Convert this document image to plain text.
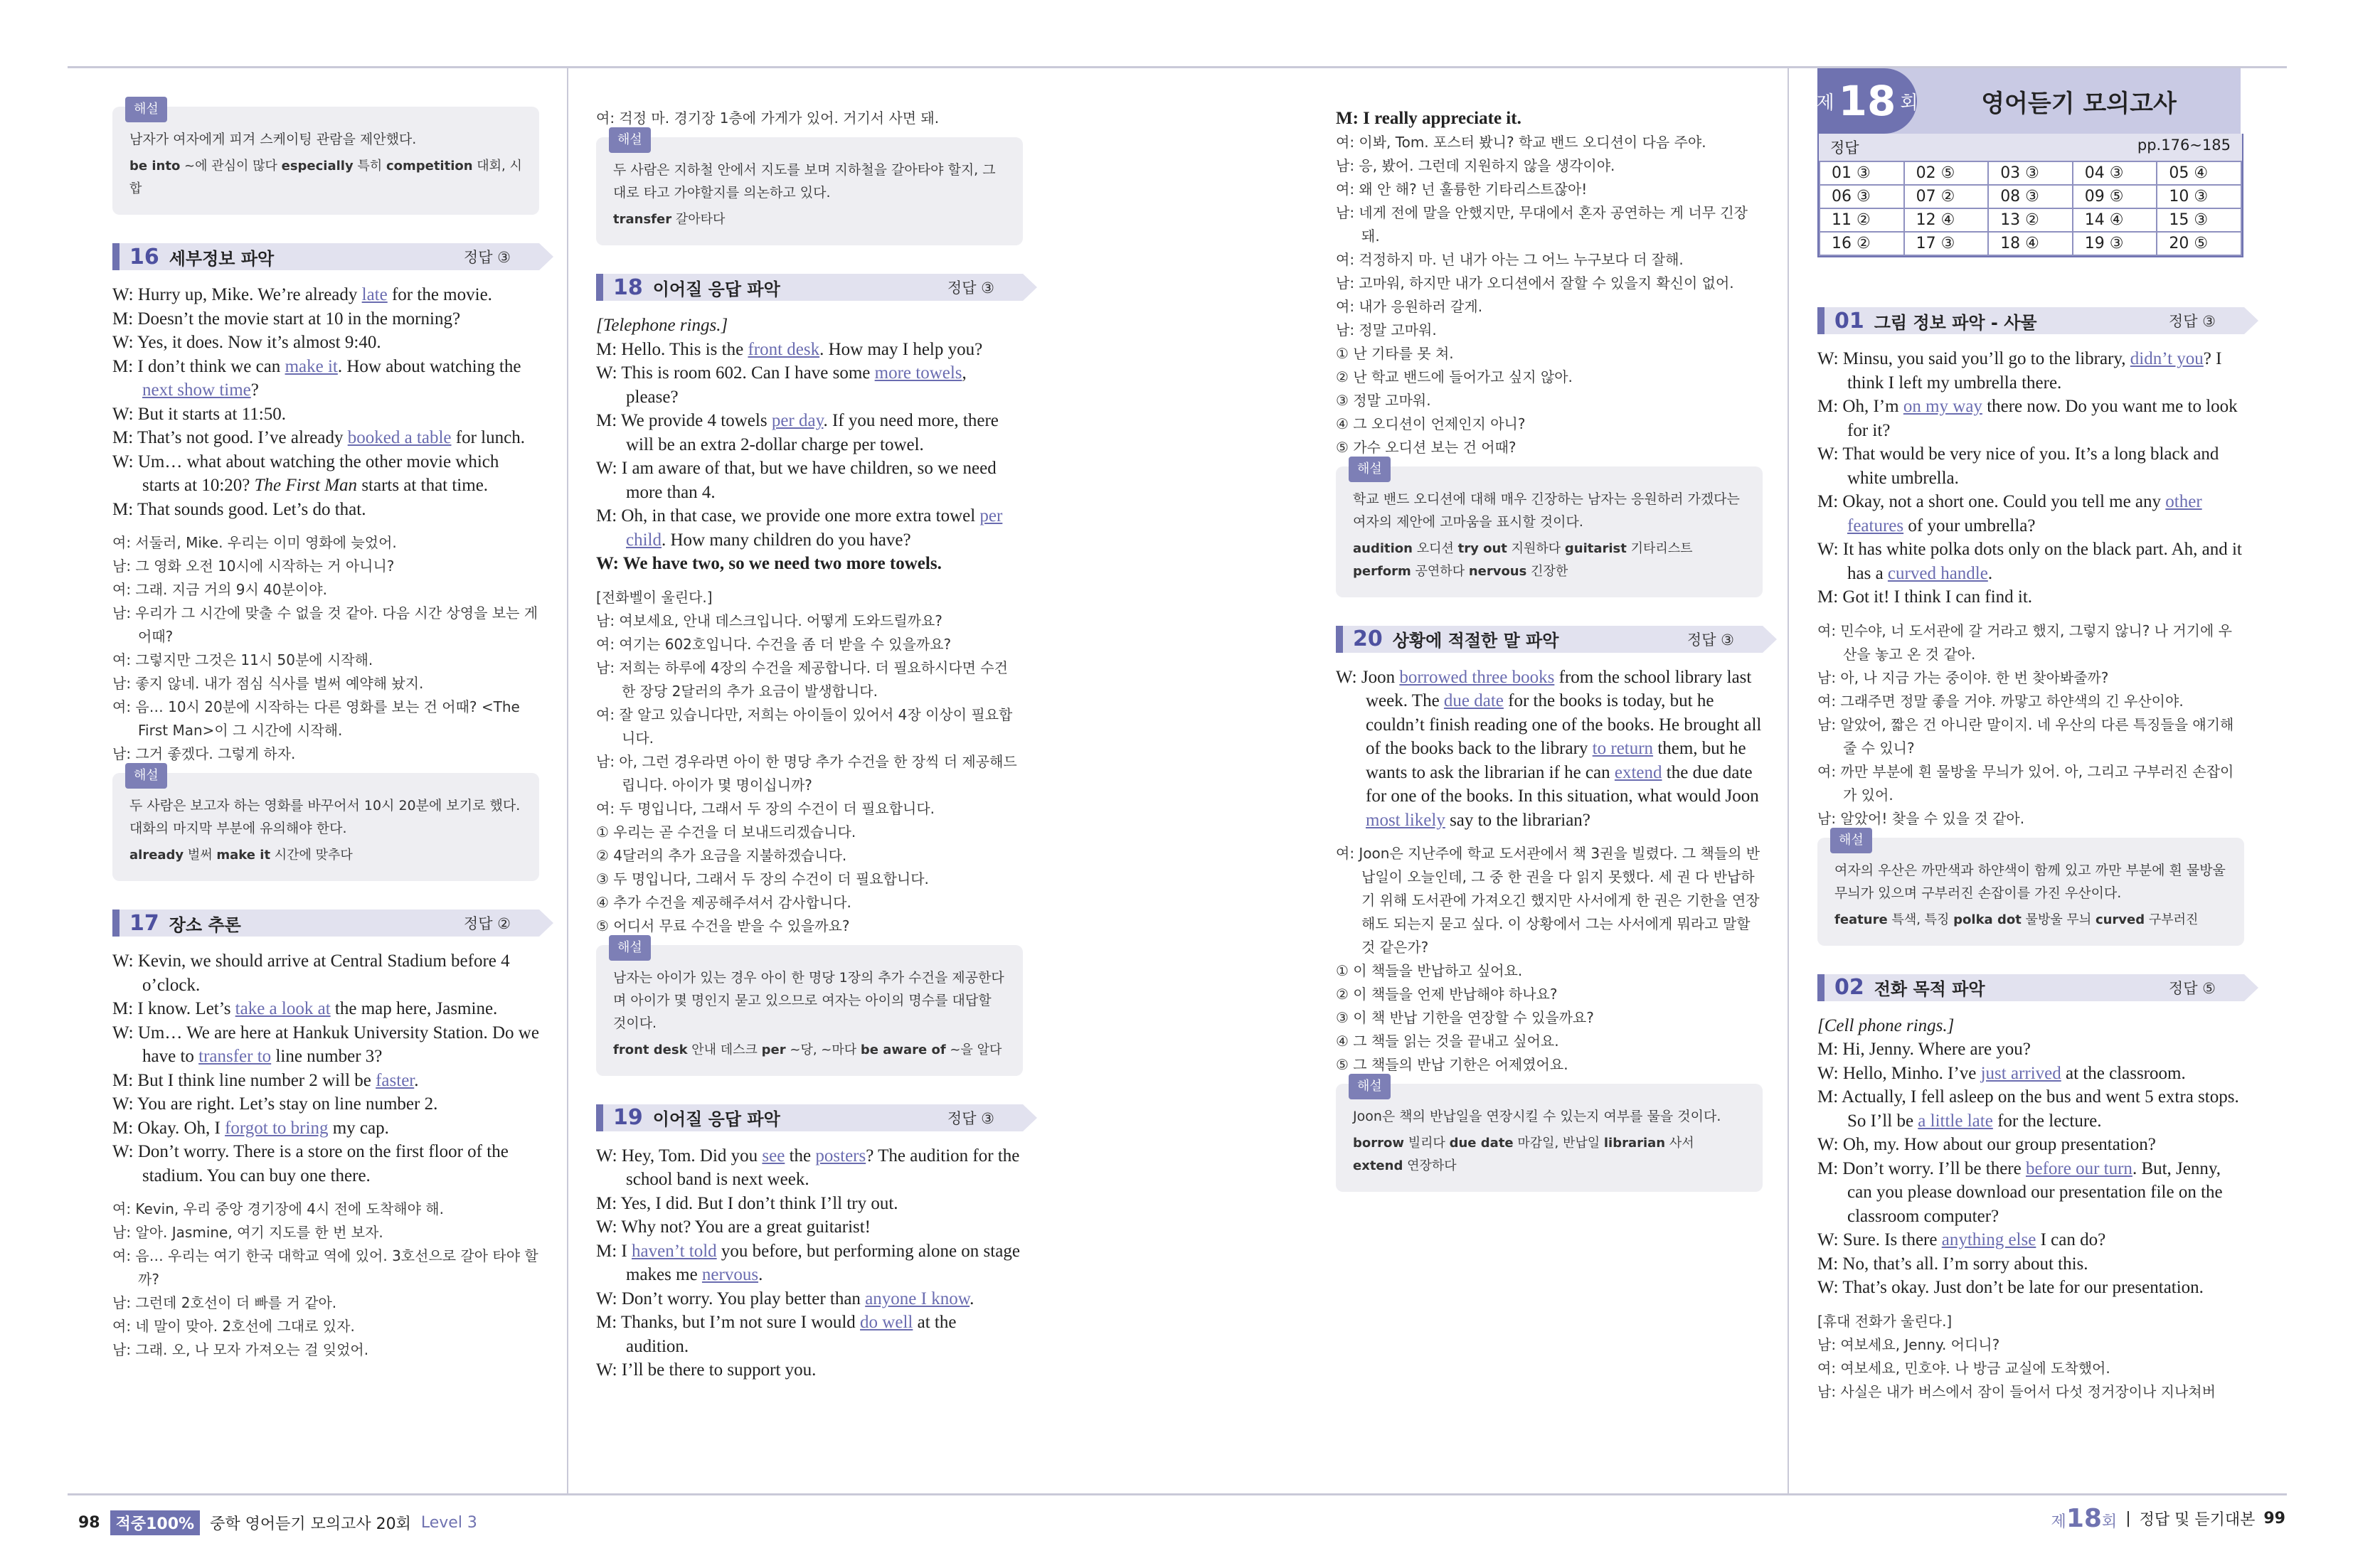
해설
남자가 여자에게 피겨 스케이팅 관람을 제안했다.
be into ~에 관심이 많다 especially 특히 competition 대회, 시합
16 세부정보 파악	정답 ③

W: Hurry up, Mike. We’re already late for the movie.

M: Doesn’t the movie start at 10 in the morning?

W: Yes, it does. Now it’s almost 9:40.

M: I don’t think we can make it. How about watching the next show time?

W: But it starts at 11:50.

M: That’s not good. I’ve already booked a table for lunch.

W: Um… what about watching the other movie which starts at 10:20? The First Man starts at that time.

M: That sounds good. Let’s do that.

여: 서둘러, Mike. 우리는 이미 영화에 늦었어.

남: 그 영화 오전 10시에 시작하는 거 아니니?

여: 그래. 지금 거의 9시 40분이야.

남: 우리가 그 시간에 맞출 수 없을 것 같아. 다음 시간 상영을 보는 게 어때?

여: 그렇지만 그것은 11시 50분에 시작해.

남: 좋지 않네. 내가 점심 식사를 벌써 예약해 놨지.

여: 음… 10시 20분에 시작하는 다른 영화를 보는 건 어때? <The First Man>이 그 시간에 시작해.

남: 그거 좋겠다. 그렇게 하자.

해설
두 사람은 보고자 하는 영화를 바꾸어서 10시 20분에 보기로 했다. 대화의 마지막 부분에 유의해야 한다.
already 벌써 make it 시간에 맞추다
17 장소 추론	정답 ②

W: Kevin, we should arrive at Central Stadium before 4 o’clock.

M: I know. Let’s take a look at the map here, Jasmine.

W: Um… We are here at Hankuk University Station. Do we have to transfer to line number 3?

M: But I think line number 2 will be faster.

W: You are right. Let’s stay on line number 2.

M: Okay. Oh, I forgot to bring my cap.

W: Don’t worry. There is a store on the first floor of the stadium. You can buy one there.

여: Kevin, 우리 중앙 경기장에 4시 전에 도착해야 해.

남: 알아. Jasmine, 여기 지도를 한 번 보자.

여: 음… 우리는 여기 한국 대학교 역에 있어. 3호선으로 갈아 타야 할까?

남: 그런데 2호선이 더 빠를 거 같아.

여: 네 말이 맞아. 2호선에 그대로 있자.

남: 그래. 오, 나 모자 가져오는 걸 잊었어.

여: 걱정 마. 경기장 1층에 가게가 있어. 거기서 사면 돼.

해설
두 사람은 지하철 안에서 지도를 보며 지하철을 갈아타야 할지, 그대로 타고 가야할지를 의논하고 있다.
transfer 갈아타다
18 이어질 응답 파악	정답 ③

[Telephone rings.]

M: Hello. This is the front desk. How may I help you?

W: This is room 602. Can I have some more towels, please?

M: We provide 4 towels per day. If you need more, there will be an extra 2-dollar charge per towel.

W: I am aware of that, but we have children, so we need more than 4.

M: Oh, in that case, we provide one more extra towel per child. How many children do you have?

W: We have two, so we need two more towels.

[전화벨이 울린다.]

남: 여보세요, 안내 데스크입니다. 어떻게 도와드릴까요?

여: 여기는 602호입니다. 수건을 좀 더 받을 수 있을까요?

남: 저희는 하루에 4장의 수건을 제공합니다. 더 필요하시다면 수건 한 장당 2달러의 추가 요금이 발생합니다.

여: 잘 알고 있습니다만, 저희는 아이들이 있어서 4장 이상이 필요합니다.

남: 아, 그런 경우라면 아이 한 명당 추가 수건을 한 장씩 더 제공해드립니다. 아이가 몇 명이십니까?

여: 두 명입니다, 그래서 두 장의 수건이 더 필요합니다.

① 우리는 곧 수건을 더 보내드리겠습니다.

② 4달러의 추가 요금을 지불하겠습니다.

③ 두 명입니다, 그래서 두 장의 수건이 더 필요합니다.

④ 추가 수건을 제공해주셔서 감사합니다.

⑤ 어디서 무료 수건을 받을 수 있을까요?

해설
남자는 아이가 있는 경우 아이 한 명당 1장의 추가 수건을 제공한다며 아이가 몇 명인지 묻고 있으므로 여자는 아이의 명수를 대답할 것이다.
front desk 안내 데스크 per ~당, ~마다 be aware of ~을 알다
19 이어질 응답 파악	정답 ③

W: Hey, Tom. Did you see the posters? The audition for the school band is next week.

M: Yes, I did. But I don’t think I’ll try out.

W: Why not? You are a great guitarist!

M: I haven’t told you before, but performing alone on stage makes me nervous.

W: Don’t worry. You play better than anyone I know.

M: Thanks, but I’m not sure I would do well at the audition.

W: I’ll be there to support you.

M: I really appreciate it.

여: 이봐, Tom. 포스터 봤니? 학교 밴드 오디션이 다음 주야.

남: 응, 봤어. 그런데 지원하지 않을 생각이야.

여: 왜 안 해? 넌 훌륭한 기타리스트잖아!

남: 네게 전에 말을 안했지만, 무대에서 혼자 공연하는 게 너무 긴장돼.

여: 걱정하지 마. 넌 내가 아는 그 어느 누구보다 더 잘해.

남: 고마워, 하지만 내가 오디션에서 잘할 수 있을지 확신이 없어.

여: 내가 응원하러 갈게.

남: 정말 고마워.

① 난 기타를 못 쳐.

② 난 학교 밴드에 들어가고 싶지 않아.

③ 정말 고마워.

④ 그 오디션이 언제인지 아니?

⑤ 가수 오디션 보는 건 어때?

해설
학교 밴드 오디션에 대해 매우 긴장하는 남자는 응원하러 가겠다는 여자의 제안에 고마움을 표시할 것이다.
audition 오디션 try out 지원하다 guitarist 기타리스트 perform 공연하다 nervous 긴장한
20 상황에 적절한 말 파악	정답 ③

W: Joon borrowed three books from the school library last week. The due date for the books is today, but he couldn’t finish reading one of the books. He brought all of the books back to the library to return them, but he wants to ask the librarian if he can extend the due date for one of the books. In this situation, what would Joon most likely say to the librarian?

여: Joon은 지난주에 학교 도서관에서 책 3권을 빌렸다. 그 책들의 반납일이 오늘인데, 그 중 한 권을 다 읽지 못했다. 세 권 다 반납하기 위해 도서관에 가져오긴 했지만 사서에게 한 권은 기한을 연장해도 되는지 묻고 싶다. 이 상황에서 그는 사서에게 뭐라고 말할 것 같은가?

① 이 책들을 반납하고 싶어요.

② 이 책들을 언제 반납해야 하나요?

③ 이 책 반납 기한을 연장할 수 있을까요?

④ 그 책들 읽는 것을 끝내고 싶어요.

⑤ 그 책들의 반납 기한은 어제였어요.

해설
Joon은 책의 반납일을 연장시킬 수 있는지 여부를 물을 것이다.
borrow 빌리다 due date 마감일, 반납일 librarian 사서 extend 연장하다
제 18 회	영어듣기 모의고사
정답	pp.176~185
01 ③	02 ⑤	03 ③	04 ③	05 ④
06 ③	07 ②	08 ③	09 ⑤	10 ③
11 ②	12 ④	13 ②	14 ④	15 ③
16 ②	17 ③	18 ④	19 ③	20 ⑤
01 그림 정보 파악 - 사물	정답 ③

W: Minsu, you said you’ll go to the library, didn’t you? I think I left my umbrella there.

M: Oh, I’m on my way there now. Do you want me to look for it?

W: That would be very nice of you. It’s a long black and white umbrella.

M: Okay, not a short one. Could you tell me any other features of your umbrella?

W: It has white polka dots only on the black part. Ah, and it has a curved handle.

M: Got it! I think I can find it.

여: 민수야, 너 도서관에 갈 거라고 했지, 그렇지 않니? 나 거기에 우산을 놓고 온 것 같아.

남: 아, 나 지금 가는 중이야. 한 번 찾아봐줄까?

여: 그래주면 정말 좋을 거야. 까맣고 하얀색의 긴 우산이야.

남: 알았어, 짧은 건 아니란 말이지. 네 우산의 다른 특징들을 얘기해줄 수 있니?

여: 까만 부분에 흰 물방울 무늬가 있어. 아, 그리고 구부러진 손잡이가 있어.

남: 알았어! 찾을 수 있을 것 같아.

해설
여자의 우산은 까만색과 하얀색이 함께 있고 까만 부분에 흰 물방울 무늬가 있으며 구부러진 손잡이를 가진 우산이다.
feature 특색, 특징 polka dot 물방울 무늬 curved 구부러진
02 전화 목적 파악	정답 ⑤

[Cell phone rings.]

M: Hi, Jenny. Where are you?

W: Hello, Minho. I’ve just arrived at the classroom.

M: Actually, I fell asleep on the bus and went 5 extra stops. So I’ll be a little late for the lecture.

W: Oh, my. How about our group presentation?

M: Don’t worry. I’ll be there before our turn. But, Jenny, can you please download our presentation file on the classroom computer?

W: Sure. Is there anything else I can do?

M: No, that’s all. I’m sorry about this.

W: That’s okay. Just don’t be late for our presentation.

[휴대 전화가 울린다.]

남: 여보세요, Jenny. 어디니?

여: 여보세요, 민호야. 나 방금 교실에 도착했어.

남: 사실은 내가 버스에서 잠이 들어서 다섯 정거장이나 지나쳐버

98	적중100%	중학 영어듣기 모의고사 20회 Level 3	제18회 | 정답 및 듣기대본 99
